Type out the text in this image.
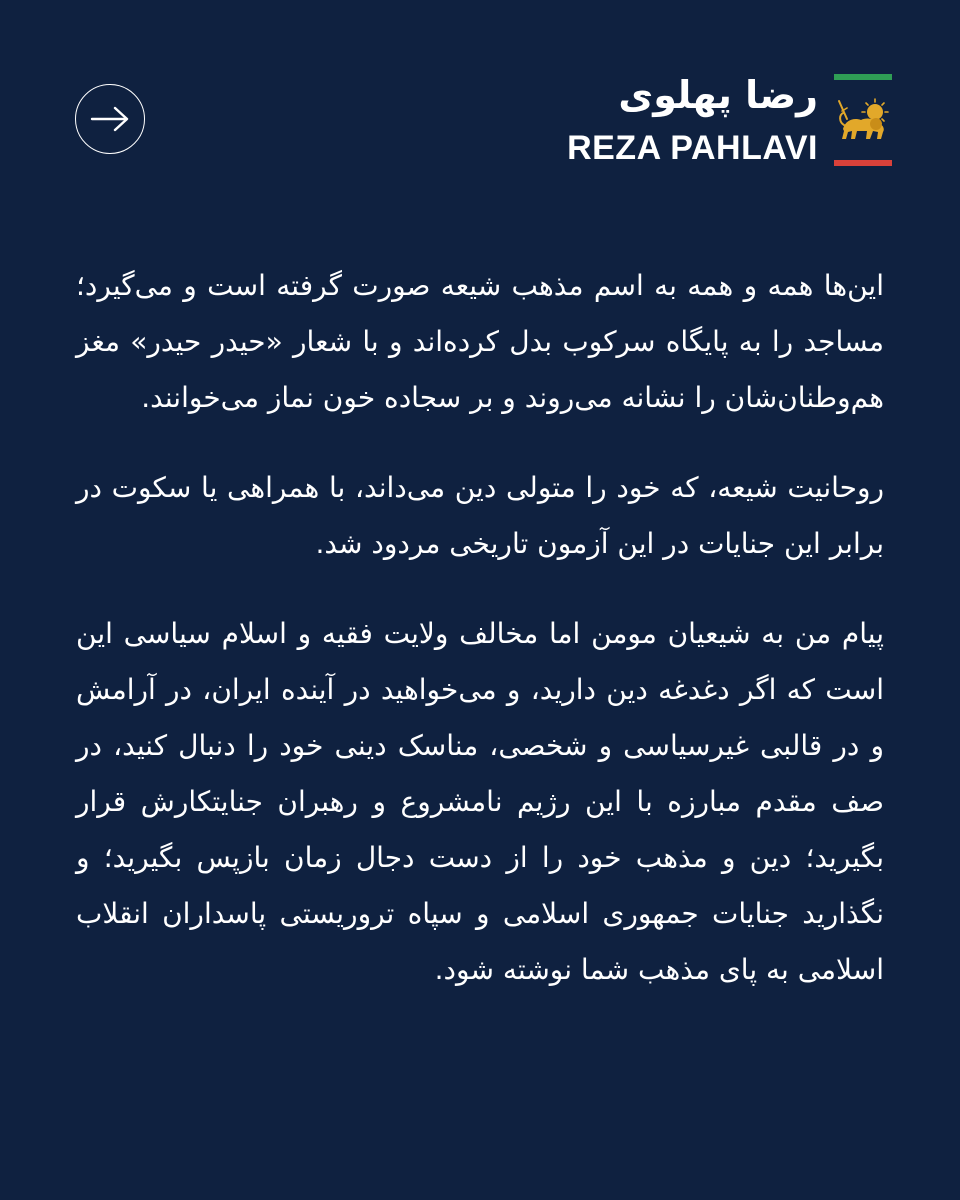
رضا پهلوی
REZA PAHLAVI

این‌ها همه و همه به اسم مذهب شیعه صورت گرفته است و می‌گیرد؛ مساجد را به پایگاه سرکوب بدل کرده‌اند و با شعار «حیدر حیدر» مغز هم‌وطنان‌شان را نشانه می‌روند و بر سجاده خون نماز می‌خوانند.

روحانیت شیعه، که خود را متولی دین می‌داند، با همراهی یا سکوت در برابر این جنایات در این آزمون تاریخی مردود شد.

پیام من به شیعیان مومن اما مخالف ولایت فقیه و اسلام سیاسی این است که اگر دغدغه دین دارید، و می‌خواهید در آینده ایران، در آرامش و در قالبی غیرسیاسی و شخصی، مناسک دینی خود را دنبال کنید، در صف مقدم مبارزه با این رژیم نامشروع و رهبران جنایتکارش قرار بگیرید؛ دین و مذهب خود را از دست دجال زمان بازپس بگیرید؛ و نگذارید جنایات جمهوری اسلامی و سپاه تروریستی پاسداران انقلاب اسلامی به پای مذهب شما نوشته شود.
